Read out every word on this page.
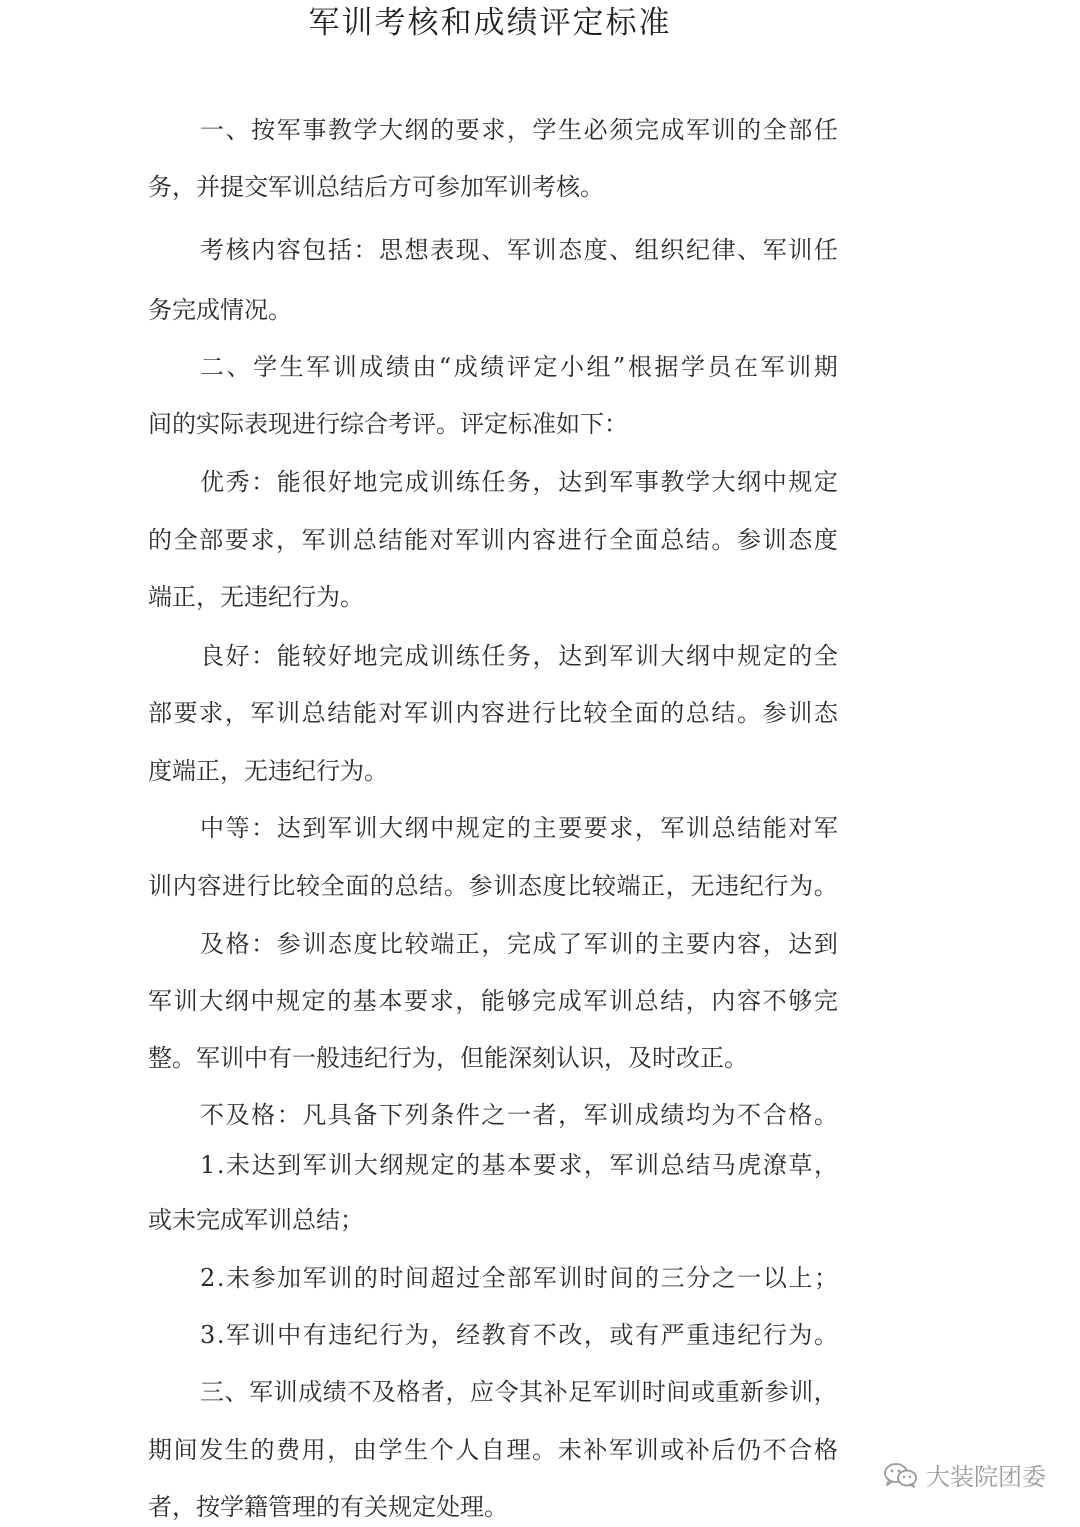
军训考核和成绩评定标准
一 、 按 军 事 教 学 大 纲 的 要 求 ， 学 生 必 须 完 成 军 训 的 全 部 任
务 ， 并 提 交 军 训 总 结 后 方 可 参 加 军 训 考 核 。
考 核 内 容 包 括 ： 思 想 表 现 、 军 训 态 度 、 组 织 纪 律 、 军 训 任
务 完 成 情 况 。
二 、 学 生 军 训 成 绩 由 “ 成 绩 评 定 小 组 ” 根 据 学 员 在 军 训 期
间 的 实 际 表 现 进 行 综 合 考 评 。 评 定 标 准 如 下 ：
优 秀 ： 能 很 好 地 完 成 训 练 任 务 ， 达 到 军 事 教 学 大 纲 中 规 定
的 全 部 要 求 ， 军 训 总 结 能 对 军 训 内 容 进 行 全 面 总 结 。 参 训 态 度
端 正 ， 无 违 纪 行 为 。
良 好 ： 能 较 好 地 完 成 训 练 任 务 ， 达 到 军 训 大 纲 中 规 定 的 全
部 要 求 ， 军 训 总 结 能 对 军 训 内 容 进 行 比 较 全 面 的 总 结 。 参 训 态
度 端 正 ， 无 违 纪 行 为 。
中 等 ： 达 到 军 训 大 纲 中 规 定 的 主 要 要 求 ， 军 训 总 结 能 对 军
训 内 容 进 行 比 较 全 面 的 总 结 。 参 训 态 度 比 较 端 正 ， 无 违 纪 行 为 。
及 格 ： 参 训 态 度 比 较 端 正 ， 完 成 了 军 训 的 主 要 内 容 ， 达 到
军 训 大 纲 中 规 定 的 基 本 要 求 ， 能 够 完 成 军 训 总 结 ， 内 容 不 够 完
整 。 军 训 中 有 一 般 违 纪 行 为 ， 但 能 深 刻 认 识 ， 及 时 改 正 。
不 及 格 ： 凡 具 备 下 列 条 件 之 一 者 ， 军 训 成 绩 均 为 不 合 格 。
1 . 未 达 到 军 训 大 纲 规 定 的 基 本 要 求 ， 军 训 总 结 马 虎 潦 草 ，
或 未 完 成 军 训 总 结 ；
2 . 未 参 加 军 训 的 时 间 超 过 全 部 军 训 时 间 的 三 分 之 一 以 上 ；
3 . 军 训 中 有 违 纪 行 为 ， 经 教 育 不 改 ， 或 有 严 重 违 纪 行 为 。
三 、 军 训 成 绩 不 及 格 者 ， 应 令 其 补 足 军 训 时 间 或 重 新 参 训 ，
期 间 发 生 的 费 用 ， 由 学 生 个 人 自 理 。 未 补 军 训 或 补 后 仍 不 合 格
者 ， 按 学 籍 管 理 的 有 关 规 定 处 理 。
大装院团委
